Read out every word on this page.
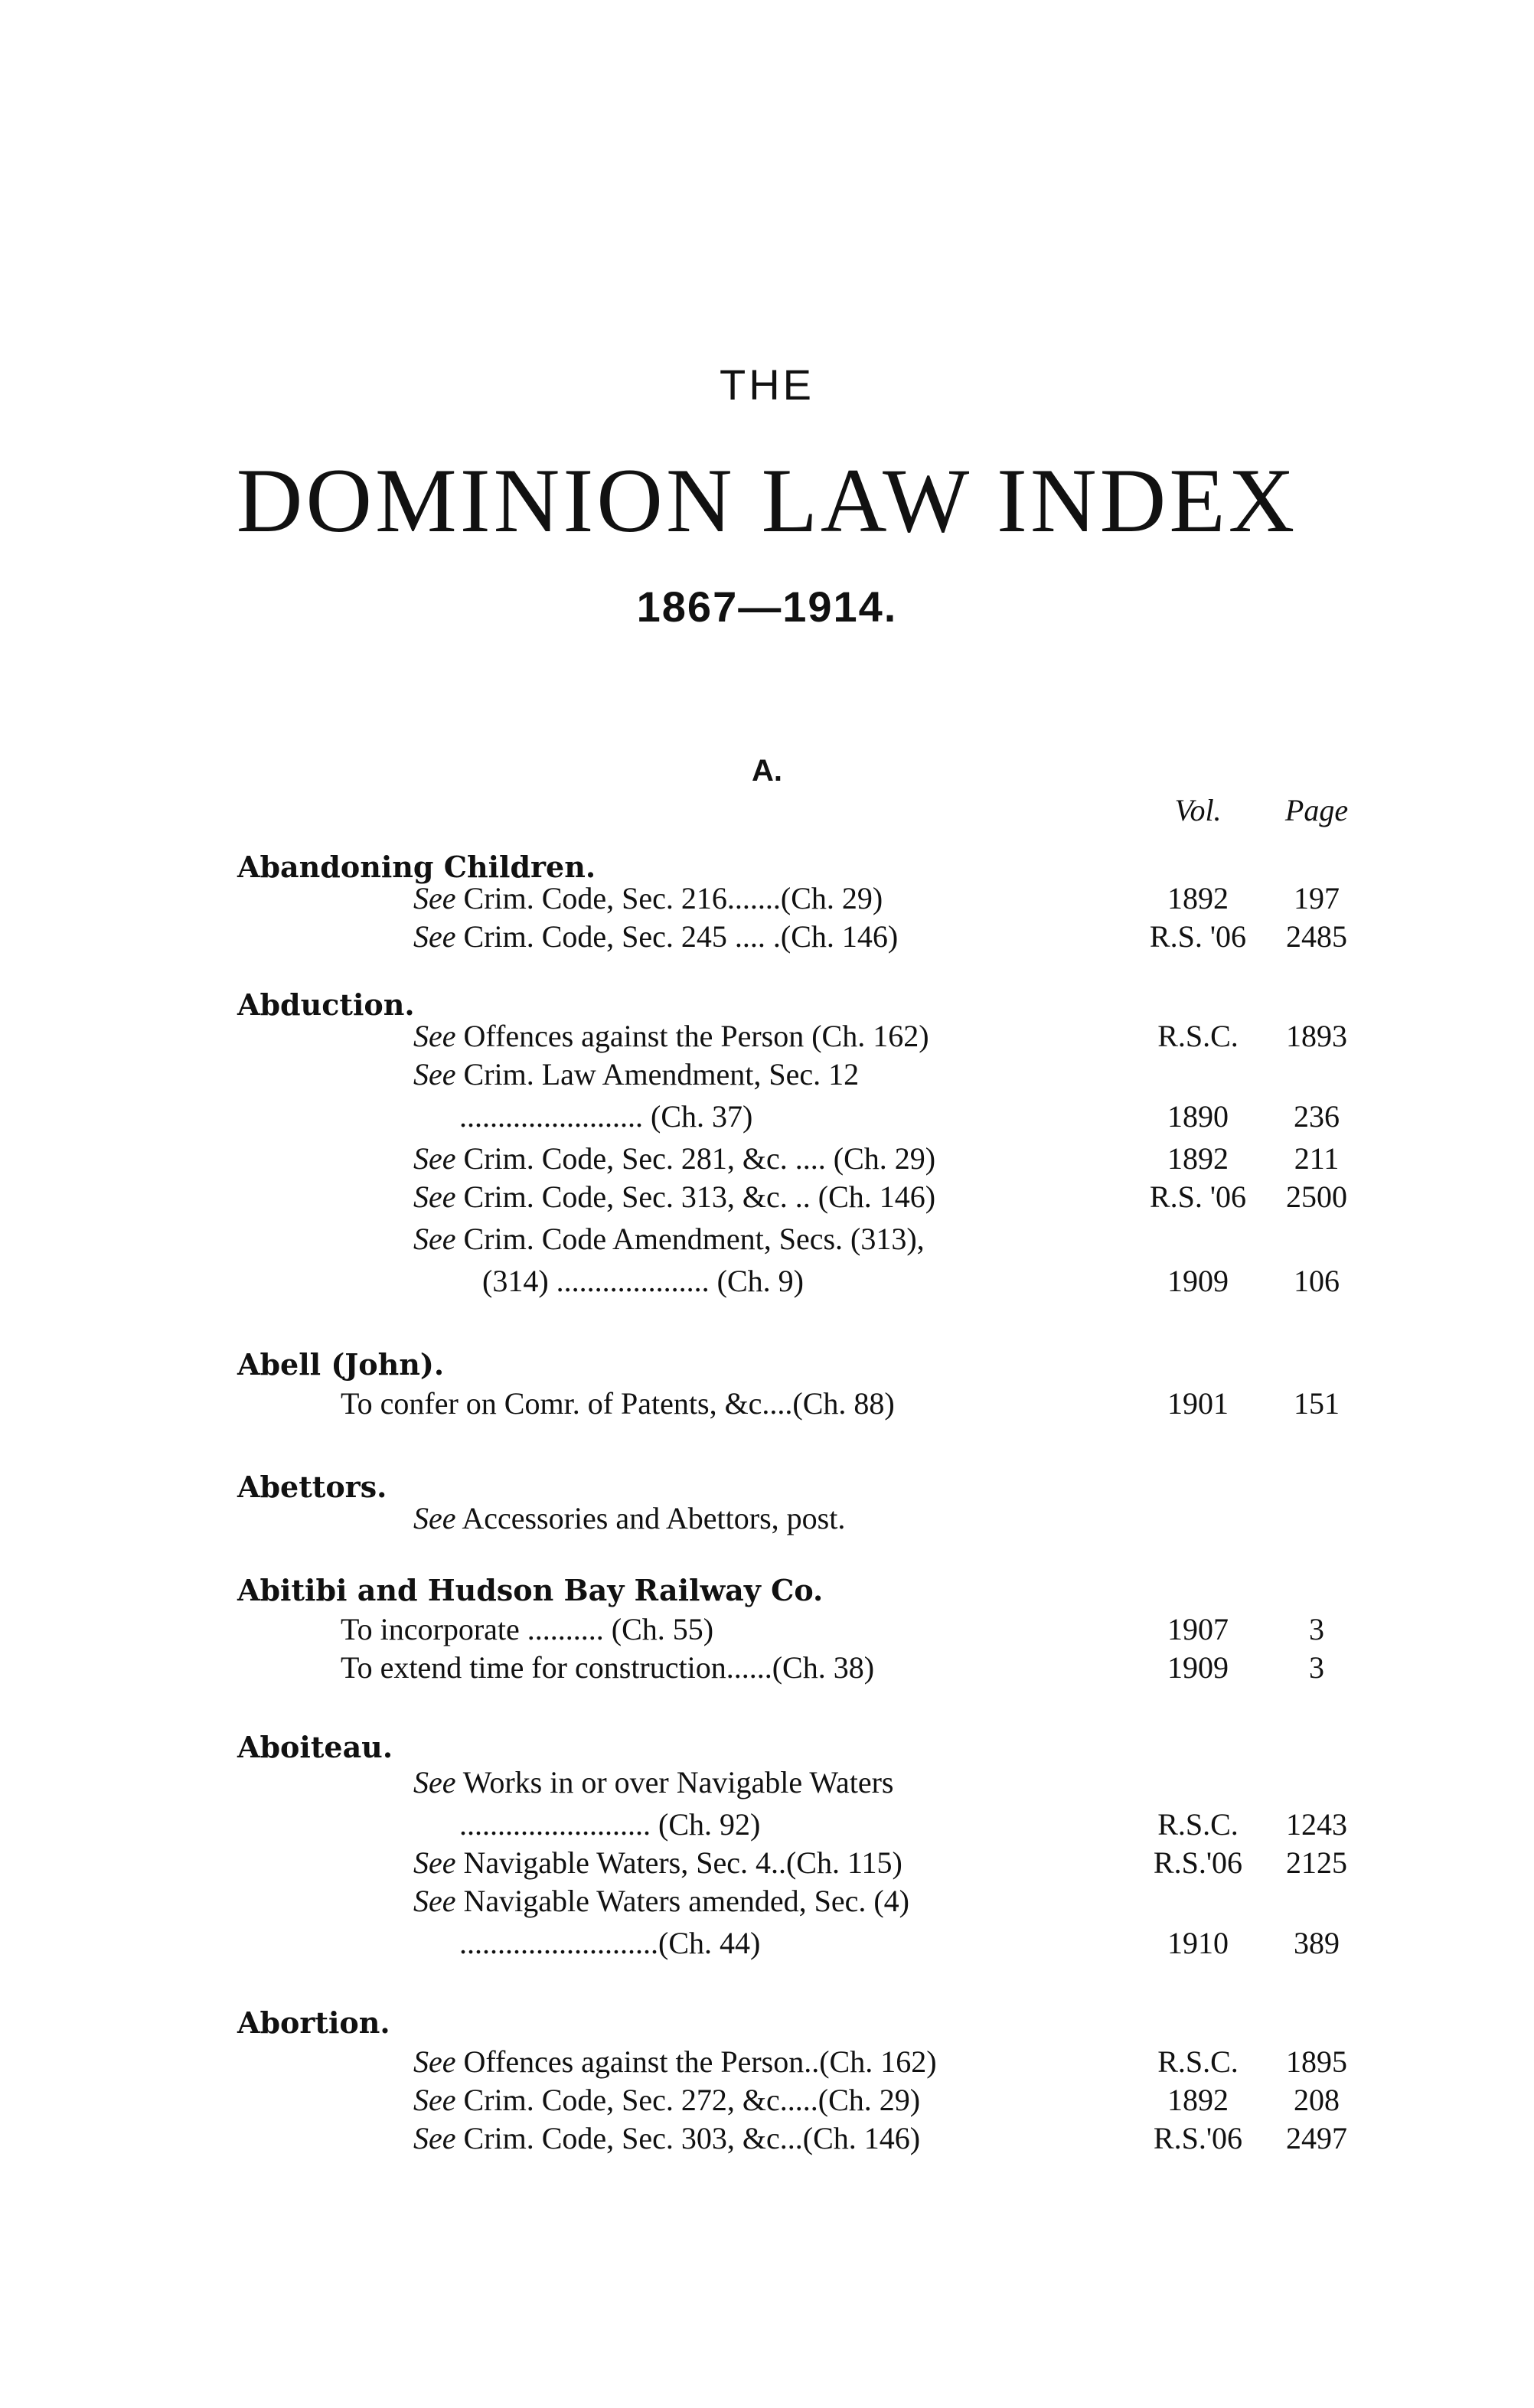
THE
DOMINION LAW INDEX
1867—1914.
A.
Vol.	Page
Abandoning Children.
See Crim. Code, Sec. 216.......(Ch. 29)	1892	197
See Crim. Code, Sec. 245 .... .(Ch. 146)	R.S. '06	2485
Abduction.
See Offences against the Person (Ch. 162)	R.S.C.	1893
See Crim. Law Amendment, Sec. 12
........................ (Ch. 37)	1890	236
See Crim. Code, Sec. 281, &c. .... (Ch. 29)	1892	211
See Crim. Code, Sec. 313, &c. .. (Ch. 146)	R.S. '06	2500
See Crim. Code Amendment, Secs. (313),
(314) .................... (Ch. 9)	1909	106
Abell (John).
To confer on Comr. of Patents, &c....(Ch. 88)	1901	151
Abettors.
See Accessories and Abettors, post.
Abitibi and Hudson Bay Railway Co.
To incorporate .......... (Ch. 55)	1907	3
To extend time for construction......(Ch. 38)	1909	3
Aboiteau.
See Works in or over Navigable Waters
......................... (Ch. 92)	R.S.C.	1243
See Navigable Waters, Sec. 4..(Ch. 115)	R.S.'06	2125
See Navigable Waters amended, Sec. (4)
..........................(Ch. 44)	1910	389
Abortion.
See Offences against the Person..(Ch. 162)	R.S.C.	1895
See Crim. Code, Sec. 272, &c.....(Ch. 29)	1892	208
See Crim. Code, Sec. 303, &c...(Ch. 146)	R.S.'06	2497
